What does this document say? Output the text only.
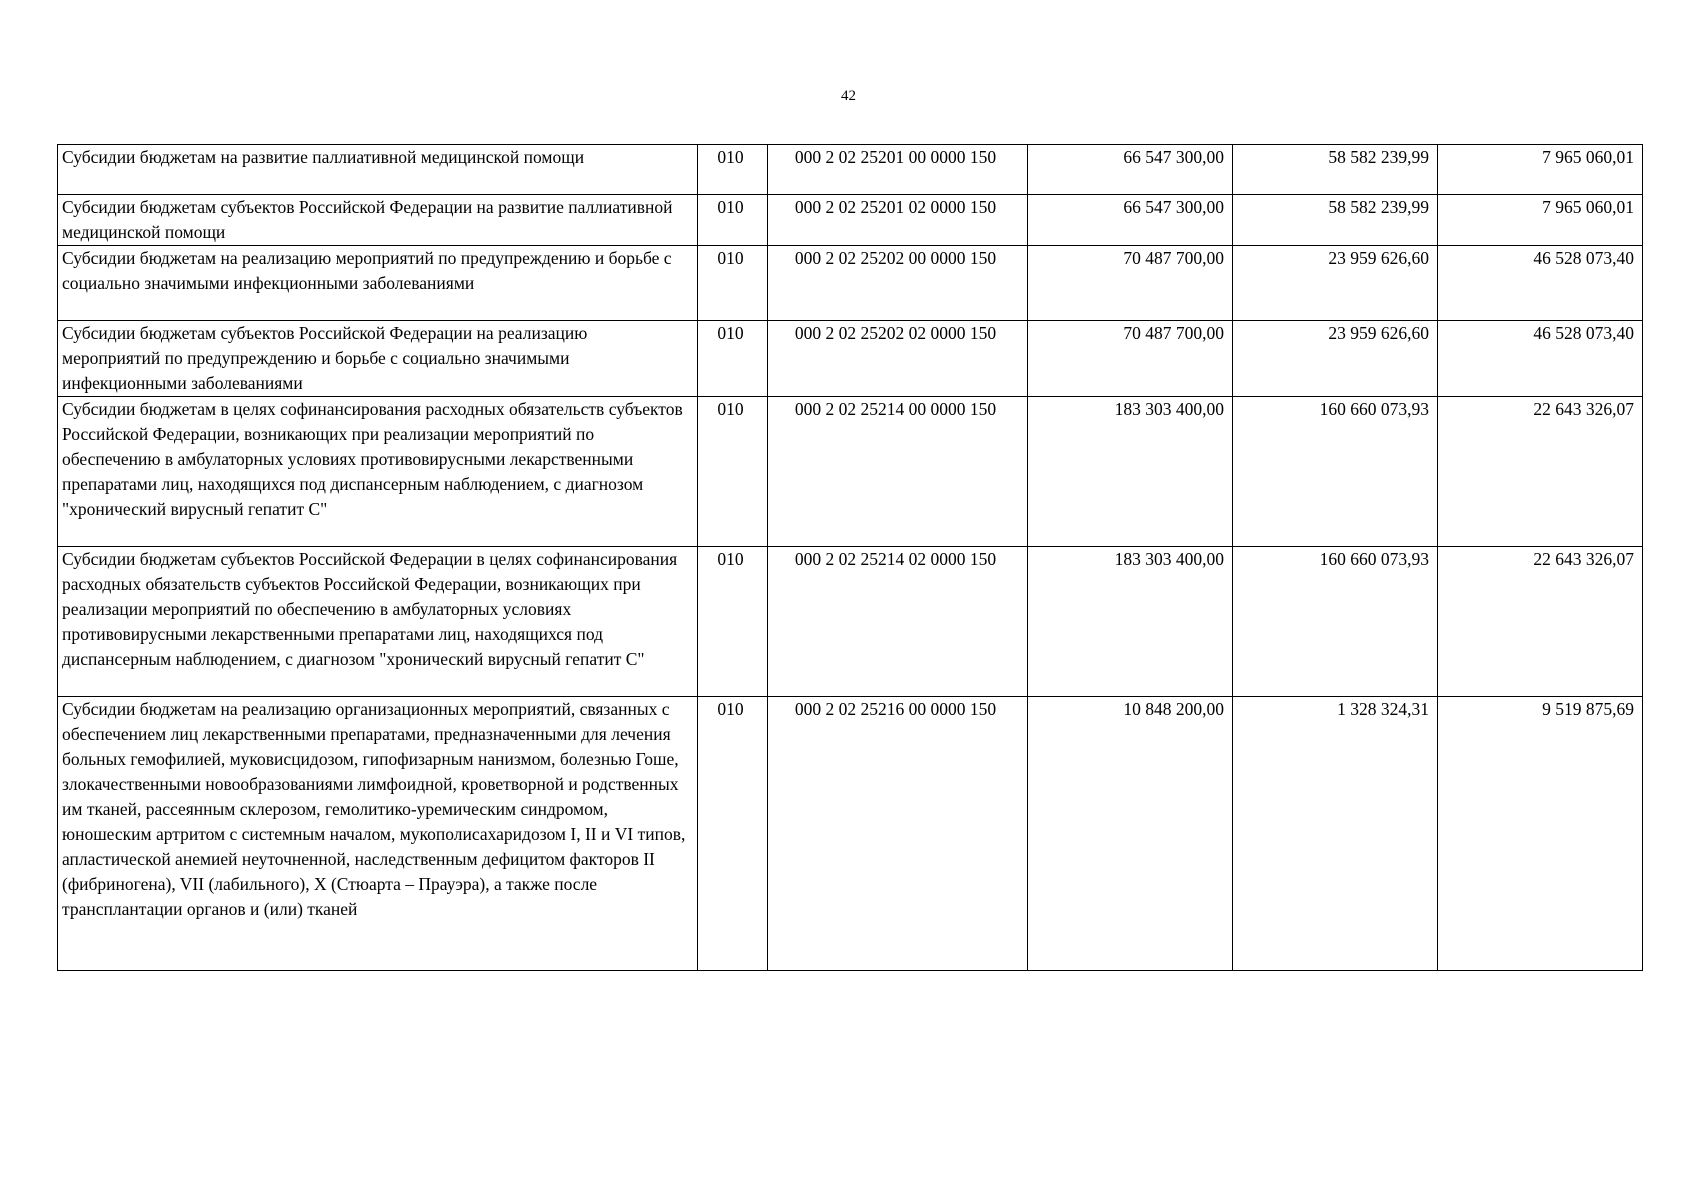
42
Субсидии бюджетам на развитие паллиативной медицинской помощи	010	000 2 02 25201 00 0000 150	66 547 300,00	58 582 239,99	7 965 060,01
Субсидии бюджетам субъектов Российской Федерации на развитие паллиативной медицинской помощи	010	000 2 02 25201 02 0000 150	66 547 300,00	58 582 239,99	7 965 060,01
Субсидии бюджетам на реализацию мероприятий по предупреждению и борьбе с социально значимыми инфекционными заболеваниями	010	000 2 02 25202 00 0000 150	70 487 700,00	23 959 626,60	46 528 073,40
Субсидии бюджетам субъектов Российской Федерации на реализацию мероприятий по предупреждению и борьбе с социально значимыми инфекционными заболеваниями	010	000 2 02 25202 02 0000 150	70 487 700,00	23 959 626,60	46 528 073,40
Субсидии бюджетам в целях софинансирования расходных обязательств субъектов Российской Федерации, возникающих при реализации мероприятий по обеспечению в амбулаторных условиях противовирусными лекарственными препаратами лиц, находящихся под диспансерным наблюдением, с диагнозом "хронический вирусный гепатит С"	010	000 2 02 25214 00 0000 150	183 303 400,00	160 660 073,93	22 643 326,07
Субсидии бюджетам субъектов Российской Федерации в целях софинансирования расходных обязательств субъектов Российской Федерации, возникающих при реализации мероприятий по обеспечению в амбулаторных условиях противовирусными лекарственными препаратами лиц, находящихся под диспансерным наблюдением, с диагнозом "хронический вирусный гепатит С"	010	000 2 02 25214 02 0000 150	183 303 400,00	160 660 073,93	22 643 326,07
Субсидии бюджетам на реализацию организационных мероприятий, связанных с обеспечением лиц лекарственными препаратами, предназначенными для лечения больных гемофилией, муковисцидозом, гипофизарным нанизмом, болезнью Гоше, злокачественными новообразованиями лимфоидной, кроветворной и родственных им тканей, рассеянным склерозом, гемолитико-уремическим синдромом, юношеским артритом с системным началом, мукополисахаридозом I, II и VI типов, апластической анемией неуточненной, наследственным дефицитом факторов II (фибриногена), VII (лабильного), X (Стюарта – Прауэра), а также после трансплантации органов и (или) тканей	010	000 2 02 25216 00 0000 150	10 848 200,00	1 328 324,31	9 519 875,69
